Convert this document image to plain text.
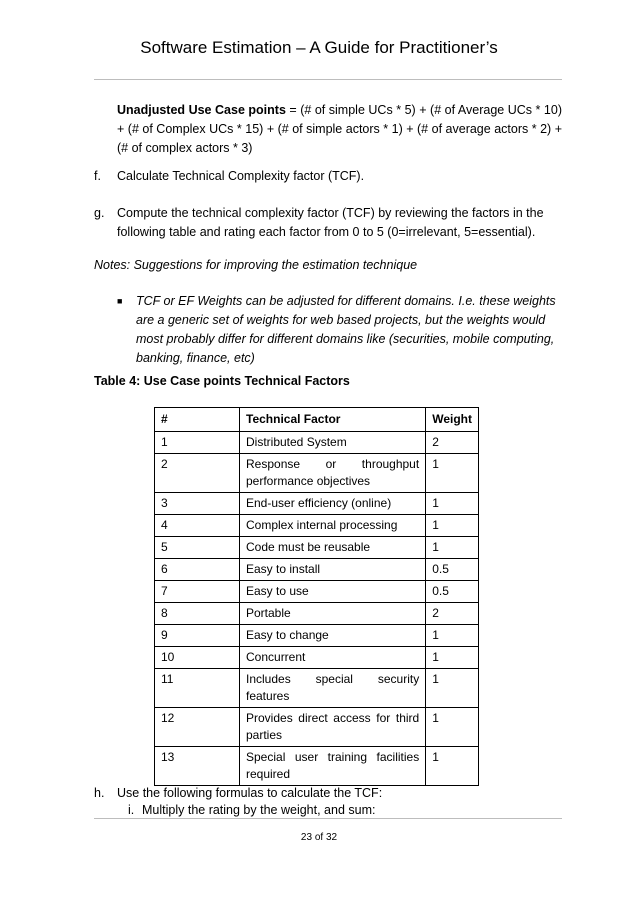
Software Estimation – A Guide for Practitioner’s
Unadjusted Use Case points = (# of simple UCs * 5) + (# of Average UCs * 10) + (# of Complex UCs * 15) + (# of simple actors * 1) + (# of average actors * 2) + (# of complex actors * 3)
f. Calculate Technical Complexity factor (TCF).
g. Compute the technical complexity factor (TCF) by reviewing the factors in the following table and rating each factor from 0 to 5 (0=irrelevant, 5=essential).
Notes: Suggestions for improving the estimation technique
■ TCF or EF Weights can be adjusted for different domains. I.e. these weights are a generic set of weights for web based projects, but the weights would most probably differ for different domains like (securities, mobile computing, banking, finance, etc)
Table 4: Use Case points Technical Factors
#	Technical Factor	Weight
1	Distributed System	2
2	Response or throughput performance objectives	1
3	End-user efficiency (online)	1
4	Complex internal processing	1
5	Code must be reusable	1
6	Easy to install	0.5
7	Easy to use	0.5
8	Portable	2
9	Easy to change	1
10	Concurrent	1
11	Includes special security features	1
12	Provides direct access for third parties	1
13	Special user training facilities required	1
h. Use the following formulas to calculate the TCF:
i. Multiply the rating by the weight, and sum:
23 of 32
